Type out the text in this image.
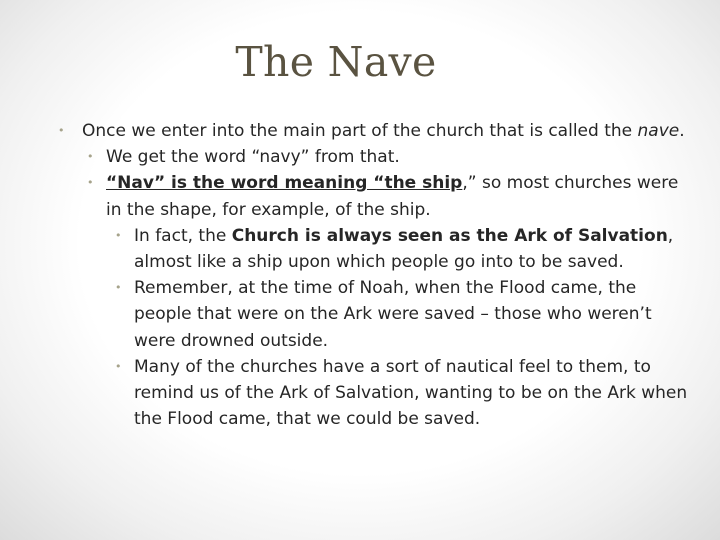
The Nave
• Once we enter into the main part of the church that is called the nave.
• We get the word “navy” from that.
• “Nav” is the word meaning “the ship,” so most churches were in the shape, for example, of the ship.
• In fact, the Church is always seen as the Ark of Salvation, almost like a ship upon which people go into to be saved.
• Remember, at the time of Noah, when the Flood came, the people that were on the Ark were saved – those who weren’t were drowned outside.
• Many of the churches have a sort of nautical feel to them, to remind us of the Ark of Salvation, wanting to be on the Ark when the Flood came, that we could be saved.
